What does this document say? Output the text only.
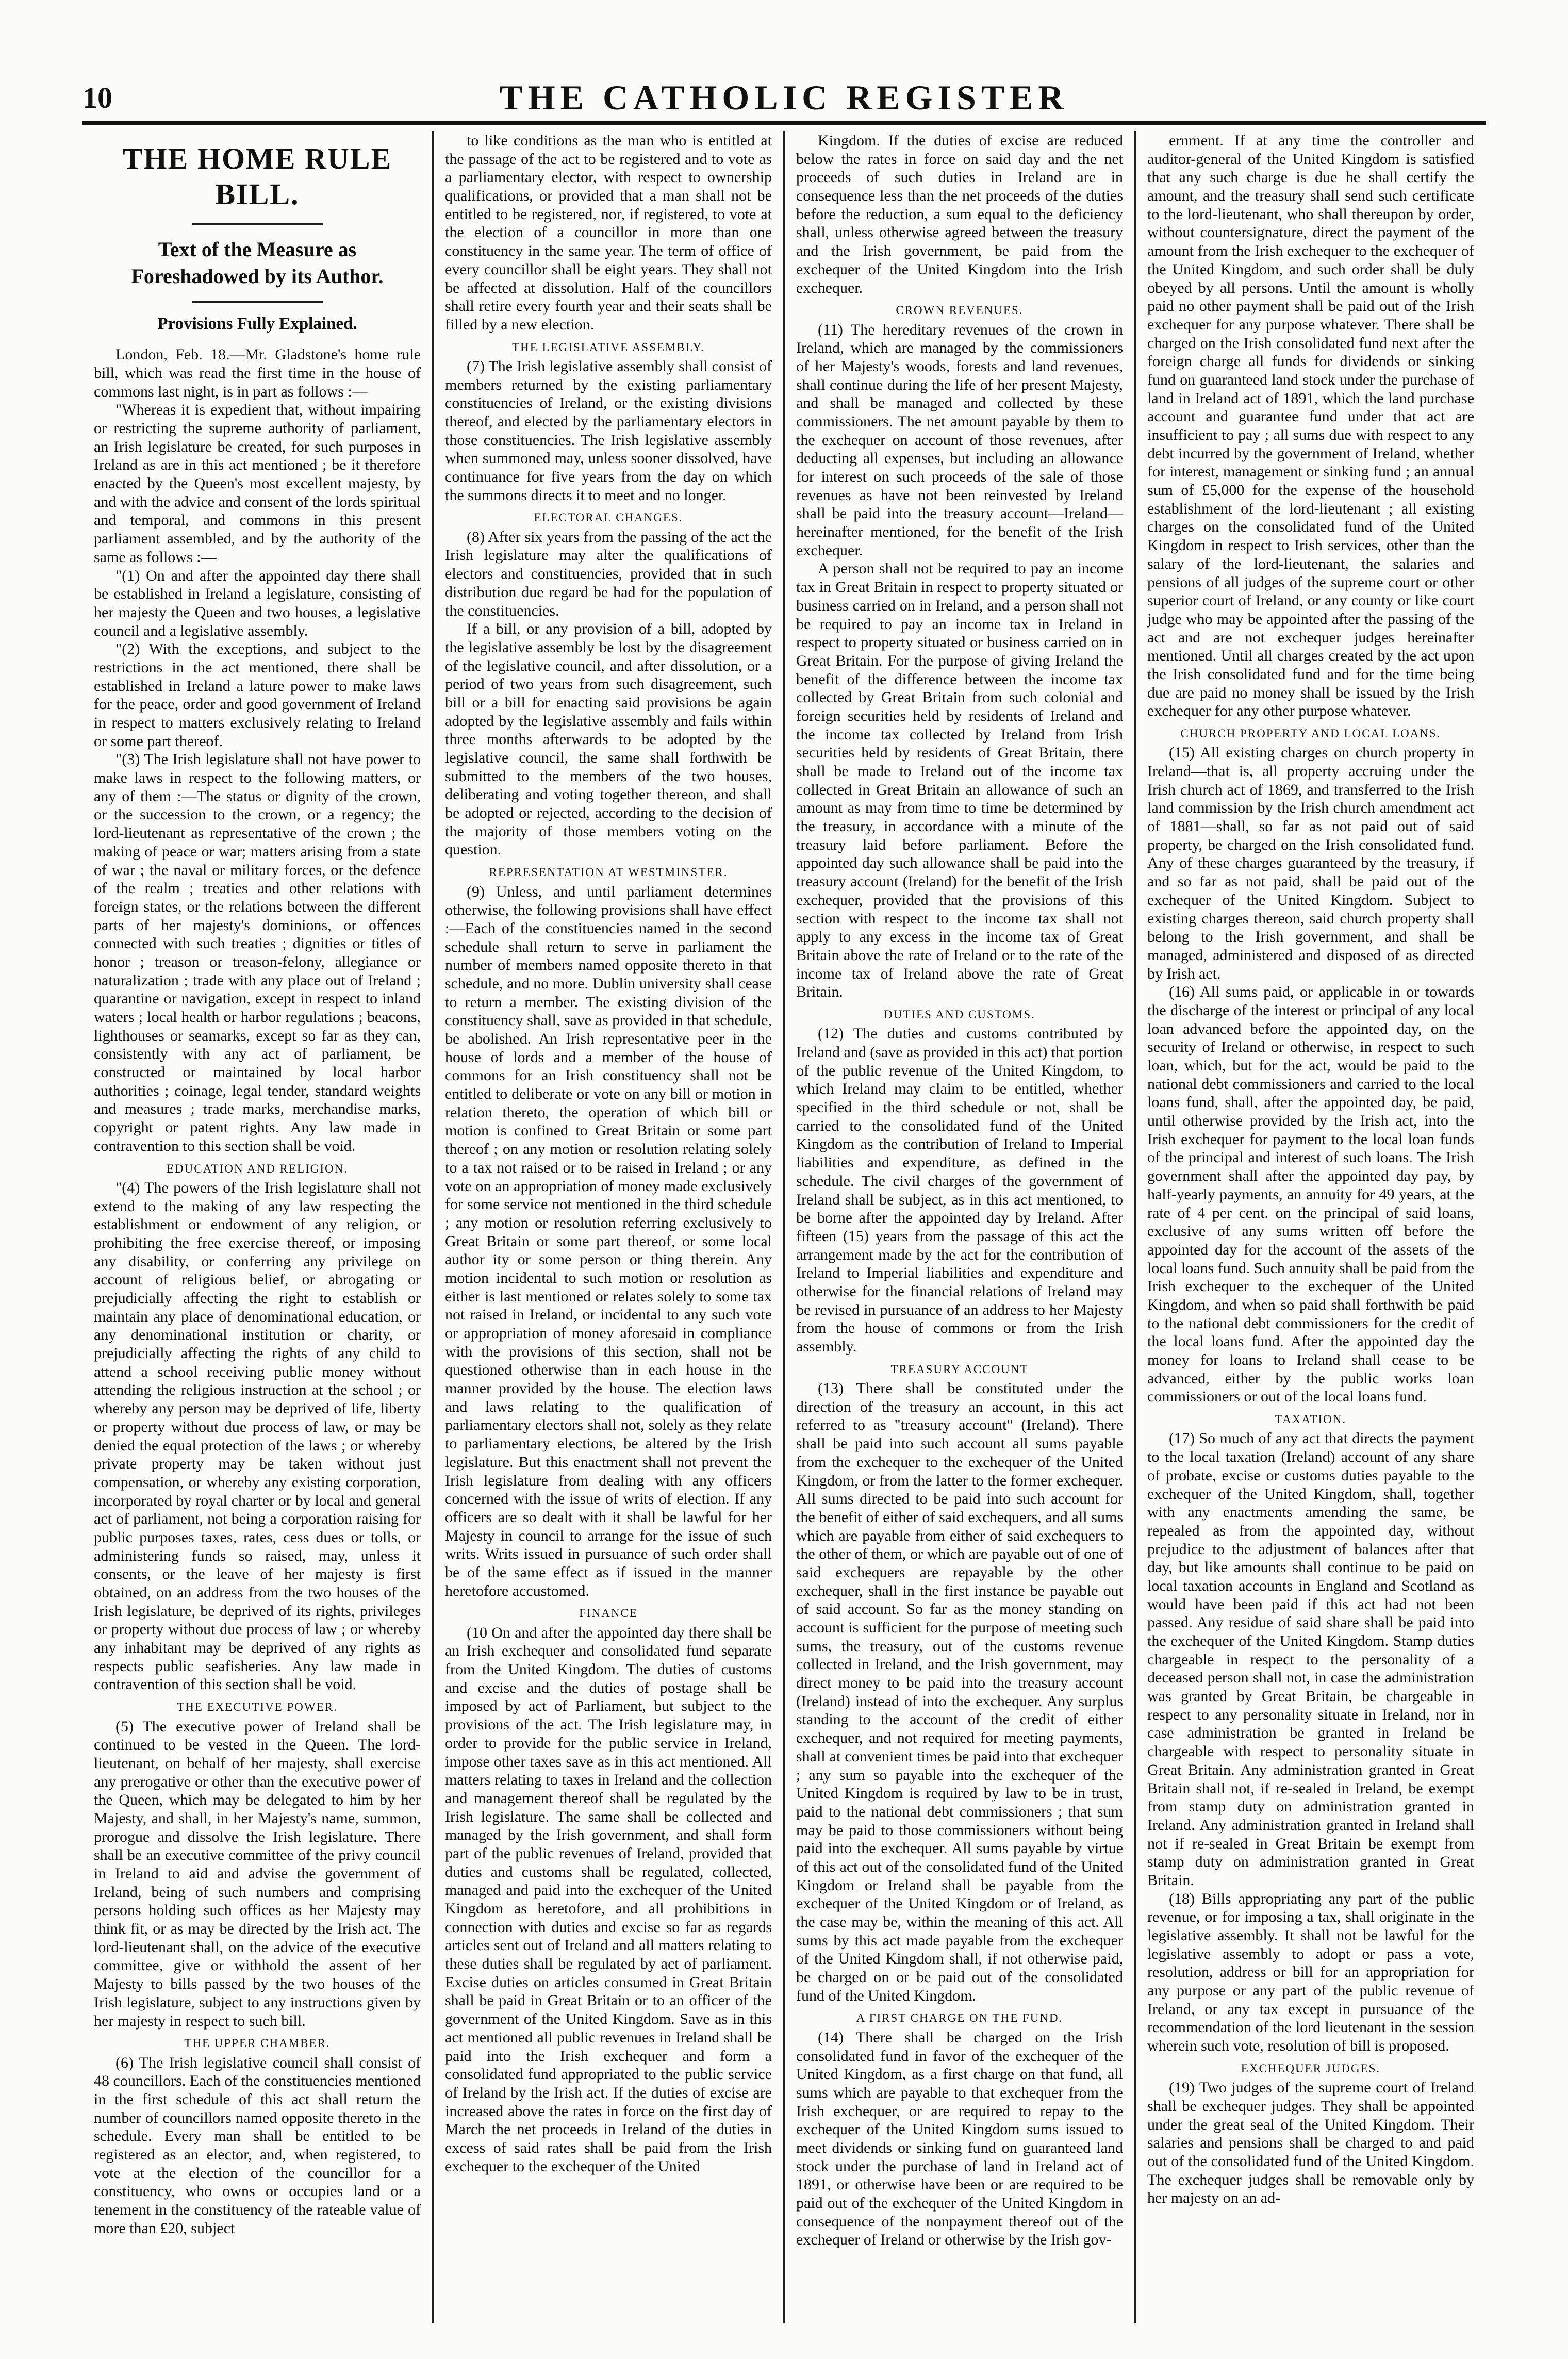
10	THE CATHOLIC REGISTER
THE HOME RULE BILL.
Text of the Measure as Foreshadowed by its Author.
Provisions Fully Explained.

London, Feb. 18.—Mr. Gladstone's home rule bill, which was read the first time in the house of commons last night, is in part as follows :—

"Whereas it is expedient that, without impairing or restricting the supreme authority of parliament, an Irish legislature be created, for such purposes in Ireland as are in this act mentioned ; be it therefore enacted by the Queen's most excellent majesty, by and with the advice and consent of the lords spiritual and temporal, and commons in this present parliament assembled, and by the authority of the same as follows :—

"(1) On and after the appointed day there shall be established in Ireland a legislature, consisting of her majesty the Queen and two houses, a legislative council and a legislative assembly.

"(2) With the exceptions, and subject to the restrictions in the act mentioned, there shall be established in Ireland a lature power to make laws for the peace, order and good government of Ireland in respect to matters exclusively relating to Ireland or some part thereof.

"(3) The Irish legislature shall not have power to make laws in respect to the following matters, or any of them :—The status or dignity of the crown, or the succession to the crown, or a regency; the lord-lieutenant as representative of the crown ; the making of peace or war; matters arising from a state of war ; the naval or military forces, or the defence of the realm ; treaties and other relations with foreign states, or the relations between the different parts of her majesty's dominions, or offences connected with such treaties ; dignities or titles of honor ; treason or treason-felony, allegiance or naturalization ; trade with any place out of Ireland ; quarantine or navigation, except in respect to inland waters ; local health or harbor regulations ; beacons, lighthouses or seamarks, except so far as they can, consistently with any act of parliament, be constructed or maintained by local harbor authorities ; coinage, legal tender, standard weights and measures ; trade marks, merchandise marks, copyright or patent rights. Any law made in contravention to this section shall be void.

EDUCATION AND RELIGION.

"(4) The powers of the Irish legislature shall not extend to the making of any law respecting the establishment or endowment of any religion, or prohibiting the free exercise thereof, or imposing any disability, or conferring any privilege on account of religious belief, or abrogating or prejudicially affecting the right to establish or maintain any place of denominational education, or any denominational institution or charity, or prejudicially affecting the rights of any child to attend a school receiving public money without attending the religious instruction at the school ; or whereby any person may be deprived of life, liberty or property without due process of law, or may be denied the equal protection of the laws ; or whereby private property may be taken without just compensation, or whereby any existing corporation, incorporated by royal charter or by local and general act of parliament, not being a corporation raising for public purposes taxes, rates, cess dues or tolls, or administering funds so raised, may, unless it consents, or the leave of her majesty is first obtained, on an address from the two houses of the Irish legislature, be deprived of its rights, privileges or property without due process of law ; or whereby any inhabitant may be deprived of any rights as respects public seafisheries. Any law made in contravention of this section shall be void.

THE EXECUTIVE POWER.

(5) The executive power of Ireland shall be continued to be vested in the Queen. The lord-lieutenant, on behalf of her majesty, shall exercise any prerogative or other than the executive power of the Queen, which may be delegated to him by her Majesty, and shall, in her Majesty's name, summon, prorogue and dissolve the Irish legislature. There shall be an executive committee of the privy council in Ireland to aid and advise the government of Ireland, being of such numbers and comprising persons holding such offices as her Majesty may think fit, or as may be directed by the Irish act. The lord-lieutenant shall, on the advice of the executive committee, give or withhold the assent of her Majesty to bills passed by the two houses of the Irish legislature, subject to any instructions given by her majesty in respect to such bill.

THE UPPER CHAMBER.

(6) The Irish legislative council shall consist of 48 councillors. Each of the constituencies mentioned in the first schedule of this act shall return the number of councillors named opposite thereto in the schedule. Every man shall be entitled to be registered as an elector, and, when registered, to vote at the election of the councillor for a constituency, who owns or occupies land or a tenement in the constituency of the rateable value of more than £20, subject

to like conditions as the man who is entitled at the passage of the act to be registered and to vote as a parliamentary elector, with respect to ownership qualifications, or provided that a man shall not be entitled to be registered, nor, if registered, to vote at the election of a councillor in more than one constituency in the same year. The term of office of every councillor shall be eight years. They shall not be affected at dissolution. Half of the councillors shall retire every fourth year and their seats shall be filled by a new election.

THE LEGISLATIVE ASSEMBLY.

(7) The Irish legislative assembly shall consist of members returned by the existing parliamentary constituencies of Ireland, or the existing divisions thereof, and elected by the parliamentary electors in those constituencies. The Irish legislative assembly when summoned may, unless sooner dissolved, have continuance for five years from the day on which the summons directs it to meet and no longer.

ELECTORAL CHANGES.

(8) After six years from the passing of the act the Irish legislature may alter the qualifications of electors and constituencies, provided that in such distribution due regard be had for the population of the constituencies.

If a bill, or any provision of a bill, adopted by the legislative assembly be lost by the disagreement of the legislative council, and after dissolution, or a period of two years from such disagreement, such bill or a bill for enacting said provisions be again adopted by the legislative assembly and fails within three months afterwards to be adopted by the legislative council, the same shall forthwith be submitted to the members of the two houses, deliberating and voting together thereon, and shall be adopted or rejected, according to the decision of the majority of those members voting on the question.

REPRESENTATION AT WESTMINSTER.

(9) Unless, and until parliament determines otherwise, the following provisions shall have effect :—Each of the constituencies named in the second schedule shall return to serve in parliament the number of members named opposite thereto in that schedule, and no more. Dublin university shall cease to return a member. The existing division of the constituency shall, save as provided in that schedule, be abolished. An Irish representative peer in the house of lords and a member of the house of commons for an Irish constituency shall not be entitled to deliberate or vote on any bill or motion in relation thereto, the operation of which bill or motion is confined to Great Britain or some part thereof ; on any motion or resolution relating solely to a tax not raised or to be raised in Ireland ; or any vote on an appropriation of money made exclusively for some service not mentioned in the third schedule ; any motion or resolution referring exclusively to Great Britain or some part thereof, or some local author ity or some person or thing therein. Any motion incidental to such motion or resolution as either is last mentioned or relates solely to some tax not raised in Ireland, or incidental to any such vote or appropriation of money aforesaid in compliance with the provisions of this section, shall not be questioned otherwise than in each house in the manner provided by the house. The election laws and laws relating to the qualification of parliamentary electors shall not, solely as they relate to parliamentary elections, be altered by the Irish legislature. But this enactment shall not prevent the Irish legislature from dealing with any officers concerned with the issue of writs of election. If any officers are so dealt with it shall be lawful for her Majesty in council to arrange for the issue of such writs. Writs issued in pursuance of such order shall be of the same effect as if issued in the manner heretofore accustomed.

FINANCE

(10 On and after the appointed day there shall be an Irish exchequer and consolidated fund separate from the United Kingdom. The duties of customs and excise and the duties of postage shall be imposed by act of Parliament, but subject to the provisions of the act. The Irish legislature may, in order to provide for the public service in Ireland, impose other taxes save as in this act mentioned. All matters relating to taxes in Ireland and the collection and management thereof shall be regulated by the Irish legislature. The same shall be collected and managed by the Irish government, and shall form part of the public revenues of Ireland, provided that duties and customs shall be regulated, collected, managed and paid into the exchequer of the United Kingdom as heretofore, and all prohibitions in connection with duties and excise so far as regards articles sent out of Ireland and all matters relating to these duties shall be regulated by act of parliament. Excise duties on articles consumed in Great Britain shall be paid in Great Britain or to an officer of the government of the United Kingdom. Save as in this act mentioned all public revenues in Ireland shall be paid into the Irish exchequer and form a consolidated fund appropriated to the public service of Ireland by the Irish act. If the duties of excise are increased above the rates in force on the first day of March the net proceeds in Ireland of the duties in excess of said rates shall be paid from the Irish exchequer to the exchequer of the United

Kingdom. If the duties of excise are reduced below the rates in force on said day and the net proceeds of such duties in Ireland are in consequence less than the net proceeds of the duties before the reduction, a sum equal to the deficiency shall, unless otherwise agreed between the treasury and the Irish government, be paid from the exchequer of the United Kingdom into the Irish exchequer.

CROWN REVENUES.

(11) The hereditary revenues of the crown in Ireland, which are managed by the commissioners of her Majesty's woods, forests and land revenues, shall continue during the life of her present Majesty, and shall be managed and collected by these commissioners. The net amount payable by them to the exchequer on account of those revenues, after deducting all expenses, but including an allowance for interest on such proceeds of the sale of those revenues as have not been reinvested by Ireland shall be paid into the treasury account—Ireland—hereinafter mentioned, for the benefit of the Irish exchequer.

A person shall not be required to pay an income tax in Great Britain in respect to property situated or business carried on in Ireland, and a person shall not be required to pay an income tax in Ireland in respect to property situated or business carried on in Great Britain. For the purpose of giving Ireland the benefit of the difference between the income tax collected by Great Britain from such colonial and foreign securities held by residents of Ireland and the income tax collected by Ireland from Irish securities held by residents of Great Britain, there shall be made to Ireland out of the income tax collected in Great Britain an allowance of such an amount as may from time to time be determined by the treasury, in accordance with a minute of the treasury laid before parliament. Before the appointed day such allowance shall be paid into the treasury account (Ireland) for the benefit of the Irish exchequer, provided that the provisions of this section with respect to the income tax shall not apply to any excess in the income tax of Great Britain above the rate of Ireland or to the rate of the income tax of Ireland above the rate of Great Britain.

DUTIES AND CUSTOMS.

(12) The duties and customs contributed by Ireland and (save as provided in this act) that portion of the public revenue of the United Kingdom, to which Ireland may claim to be entitled, whether specified in the third schedule or not, shall be carried to the consolidated fund of the United Kingdom as the contribution of Ireland to Imperial liabilities and expenditure, as defined in the schedule. The civil charges of the government of Ireland shall be subject, as in this act mentioned, to be borne after the appointed day by Ireland. After fifteen (15) years from the passage of this act the arrangement made by the act for the contribution of Ireland to Imperial liabilities and expenditure and otherwise for the financial relations of Ireland may be revised in pursuance of an address to her Majesty from the house of commons or from the Irish assembly.

TREASURY ACCOUNT

(13) There shall be constituted under the direction of the treasury an account, in this act referred to as "treasury account" (Ireland). There shall be paid into such account all sums payable from the exchequer to the exchequer of the United Kingdom, or from the latter to the former exchequer. All sums directed to be paid into such account for the benefit of either of said exchequers, and all sums which are payable from either of said exchequers to the other of them, or which are payable out of one of said exchequers are repayable by the other exchequer, shall in the first instance be payable out of said account. So far as the money standing on account is sufficient for the purpose of meeting such sums, the treasury, out of the customs revenue collected in Ireland, and the Irish government, may direct money to be paid into the treasury account (Ireland) instead of into the exchequer. Any surplus standing to the account of the credit of either exchequer, and not required for meeting payments, shall at convenient times be paid into that exchequer ; any sum so payable into the exchequer of the United Kingdom is required by law to be in trust, paid to the national debt commissioners ; that sum may be paid to those commissioners without being paid into the exchequer. All sums payable by virtue of this act out of the consolidated fund of the United Kingdom or Ireland shall be payable from the exchequer of the United Kingdom or of Ireland, as the case may be, within the meaning of this act. All sums by this act made payable from the exchequer of the United Kingdom shall, if not otherwise paid, be charged on or be paid out of the consolidated fund of the United Kingdom.

A FIRST CHARGE ON THE FUND.

(14) There shall be charged on the Irish consolidated fund in favor of the exchequer of the United Kingdom, as a first charge on that fund, all sums which are payable to that exchequer from the Irish exchequer, or are required to repay to the exchequer of the United Kingdom sums issued to meet dividends or sinking fund on guaranteed land stock under the purchase of land in Ireland act of 1891, or otherwise have been or are required to be paid out of the exchequer of the United Kingdom in consequence of the nonpayment thereof out of the exchequer of Ireland or otherwise by the Irish gov-

ernment. If at any time the controller and auditor-general of the United Kingdom is satisfied that any such charge is due he shall certify the amount, and the treasury shall send such certificate to the lord-lieutenant, who shall thereupon by order, without countersignature, direct the payment of the amount from the Irish exchequer to the exchequer of the United Kingdom, and such order shall be duly obeyed by all persons. Until the amount is wholly paid no other payment shall be paid out of the Irish exchequer for any purpose whatever. There shall be charged on the Irish consolidated fund next after the foreign charge all funds for dividends or sinking fund on guaranteed land stock under the purchase of land in Ireland act of 1891, which the land purchase account and guarantee fund under that act are insufficient to pay ; all sums due with respect to any debt incurred by the government of Ireland, whether for interest, management or sinking fund ; an annual sum of £5,000 for the expense of the household establishment of the lord-lieutenant ; all existing charges on the consolidated fund of the United Kingdom in respect to Irish services, other than the salary of the lord-lieutenant, the salaries and pensions of all judges of the supreme court or other superior court of Ireland, or any county or like court judge who may be appointed after the passing of the act and are not exchequer judges hereinafter mentioned. Until all charges created by the act upon the Irish consolidated fund and for the time being due are paid no money shall be issued by the Irish exchequer for any other purpose whatever.

CHURCH PROPERTY AND LOCAL LOANS.

(15) All existing charges on church property in Ireland—that is, all property accruing under the Irish church act of 1869, and transferred to the Irish land commission by the Irish church amendment act of 1881—shall, so far as not paid out of said property, be charged on the Irish consolidated fund. Any of these charges guaranteed by the treasury, if and so far as not paid, shall be paid out of the exchequer of the United Kingdom. Subject to existing charges thereon, said church property shall belong to the Irish government, and shall be managed, administered and disposed of as directed by Irish act.

(16) All sums paid, or applicable in or towards the discharge of the interest or principal of any local loan advanced before the appointed day, on the security of Ireland or otherwise, in respect to such loan, which, but for the act, would be paid to the national debt commissioners and carried to the local loans fund, shall, after the appointed day, be paid, until otherwise provided by the Irish act, into the Irish exchequer for payment to the local loan funds of the principal and interest of such loans. The Irish government shall after the appointed day pay, by half-yearly payments, an annuity for 49 years, at the rate of 4 per cent. on the principal of said loans, exclusive of any sums written off before the appointed day for the account of the assets of the local loans fund. Such annuity shall be paid from the Irish exchequer to the exchequer of the United Kingdom, and when so paid shall forthwith be paid to the national debt commissioners for the credit of the local loans fund. After the appointed day the money for loans to Ireland shall cease to be advanced, either by the public works loan commissioners or out of the local loans fund.

TAXATION.

(17) So much of any act that directs the payment to the local taxation (Ireland) account of any share of probate, excise or customs duties payable to the exchequer of the United Kingdom, shall, together with any enactments amending the same, be repealed as from the appointed day, without prejudice to the adjustment of balances after that day, but like amounts shall continue to be paid on local taxation accounts in England and Scotland as would have been paid if this act had not been passed. Any residue of said share shall be paid into the exchequer of the United Kingdom. Stamp duties chargeable in respect to the personality of a deceased person shall not, in case the administration was granted by Great Britain, be chargeable in respect to any personality situate in Ireland, nor in case administration be granted in Ireland be chargeable with respect to personality situate in Great Britain. Any administration granted in Great Britain shall not, if re-sealed in Ireland, be exempt from stamp duty on administration granted in Ireland. Any administration granted in Ireland shall not if re-sealed in Great Britain be exempt from stamp duty on administration granted in Great Britain.

(18) Bills appropriating any part of the public revenue, or for imposing a tax, shall originate in the legislative assembly. It shall not be lawful for the legislative assembly to adopt or pass a vote, resolution, address or bill for an appropriation for any purpose or any part of the public revenue of Ireland, or any tax except in pursuance of the recommendation of the lord lieutenant in the session wherein such vote, resolution of bill is proposed.

EXCHEQUER JUDGES.

(19) Two judges of the supreme court of Ireland shall be exchequer judges. They shall be appointed under the great seal of the United Kingdom. Their salaries and pensions shall be charged to and paid out of the consolidated fund of the United Kingdom. The exchequer judges shall be removable only by her majesty on an ad-
